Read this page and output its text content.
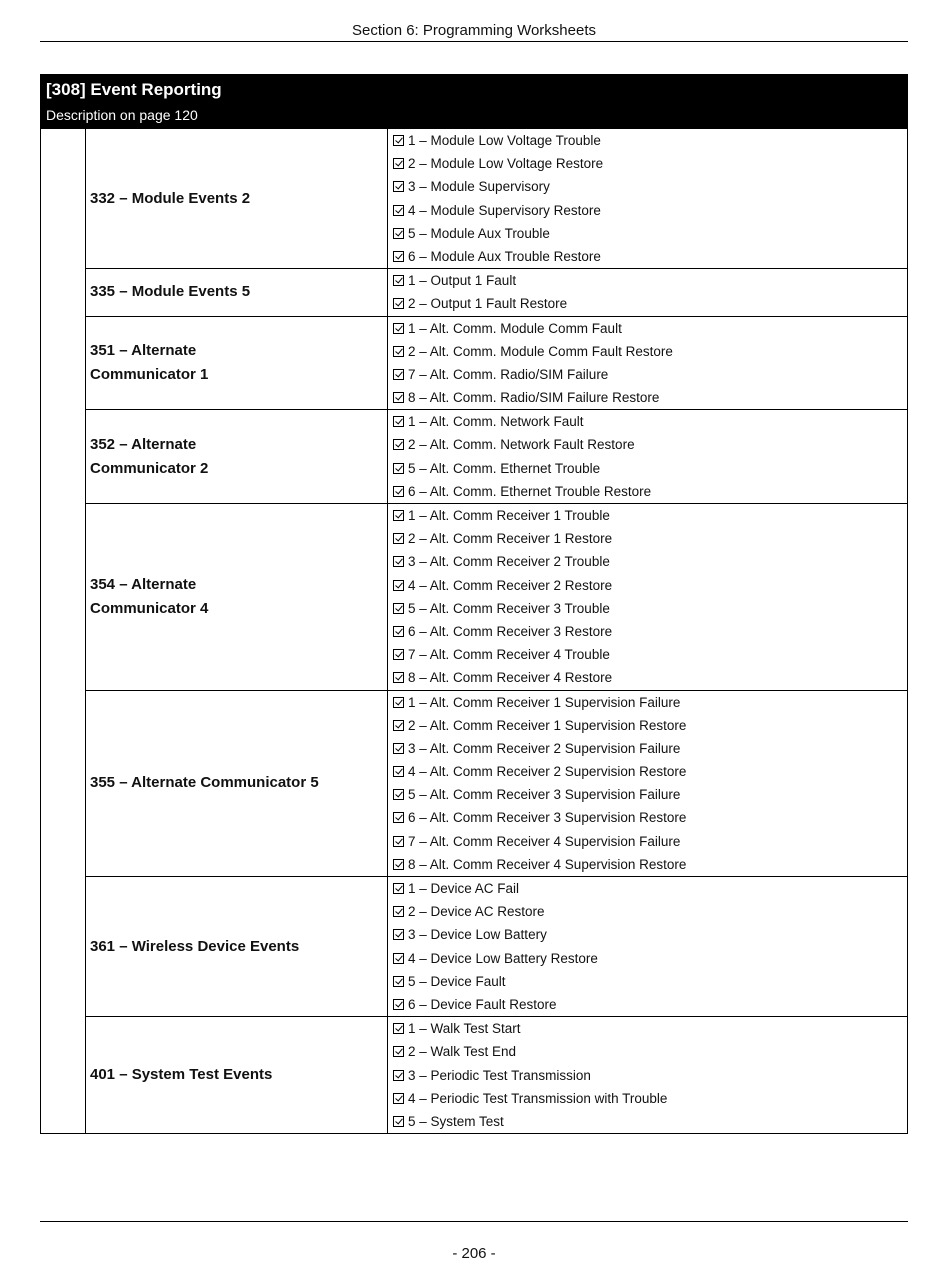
Section 6: Programming Worksheets
[308] Event Reporting
Description on page 120
332 – Module Events 2
1 – Module Low Voltage Trouble
2 – Module Low Voltage Restore
3 – Module Supervisory
4 – Module Supervisory Restore
5 – Module Aux Trouble
6 – Module Aux Trouble Restore
335 – Module Events 5
1 – Output 1 Fault
2 – Output 1 Fault Restore
351 – Alternate
Communicator 1
1 – Alt. Comm. Module Comm Fault
2 – Alt. Comm. Module Comm Fault Restore
7 – Alt. Comm. Radio/SIM Failure
8 – Alt. Comm. Radio/SIM Failure Restore
352 – Alternate
Communicator 2
1 – Alt. Comm. Network Fault
2 – Alt. Comm. Network Fault Restore
5 – Alt. Comm. Ethernet Trouble
6 – Alt. Comm. Ethernet Trouble Restore
354 – Alternate
Communicator 4
1 – Alt. Comm Receiver 1 Trouble
2 – Alt. Comm Receiver 1 Restore
3 – Alt. Comm Receiver 2 Trouble
4 – Alt. Comm Receiver 2 Restore
5 – Alt. Comm Receiver 3 Trouble
6 – Alt. Comm Receiver 3 Restore
7 – Alt. Comm Receiver 4 Trouble
8 – Alt. Comm Receiver 4 Restore
355 – Alternate Communicator 5
1 – Alt. Comm Receiver 1 Supervision Failure
2 – Alt. Comm Receiver 1 Supervision Restore
3 – Alt. Comm Receiver 2 Supervision Failure
4 – Alt. Comm Receiver 2 Supervision Restore
5 – Alt. Comm Receiver 3 Supervision Failure
6 – Alt. Comm Receiver 3 Supervision Restore
7 – Alt. Comm Receiver 4 Supervision Failure
8 – Alt. Comm Receiver 4 Supervision Restore
361 – Wireless Device Events
1 – Device AC Fail
2 – Device AC Restore
3 – Device Low Battery
4 – Device Low Battery Restore
5 – Device Fault
6 – Device Fault Restore
401 – System Test Events
1 – Walk Test Start
2 – Walk Test End
3 – Periodic Test Transmission
4 – Periodic Test Transmission with Trouble
5 – System Test
- 206 -
